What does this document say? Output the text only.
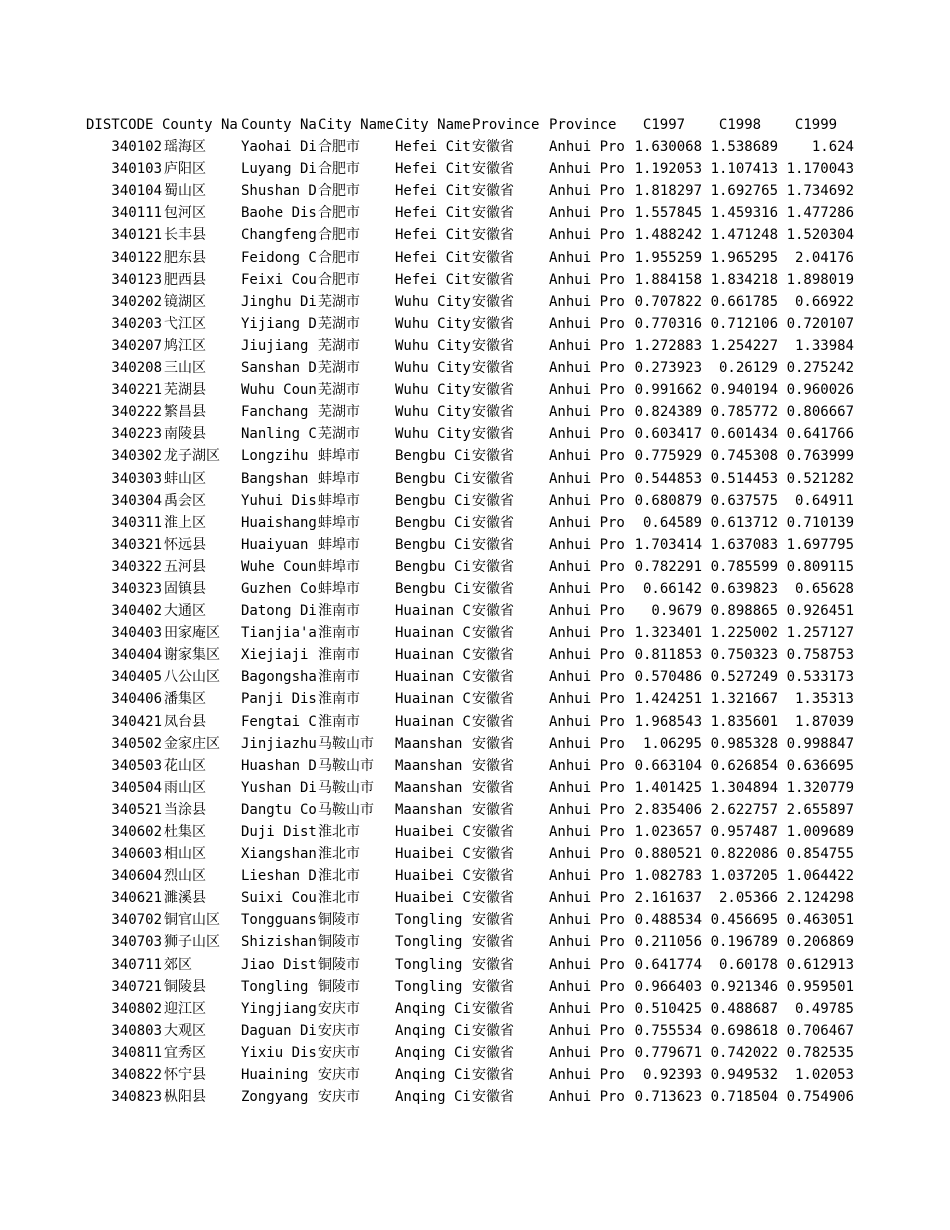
DISTCODE	County Na	County Na	City Name	City Name	Province	Province	C1997	C1998	C1999
340102	瑶海区	Yaohai Di	合肥市	Hefei Cit	安徽省	Anhui Pro	1.630068	1.538689	1.624
340103	庐阳区	Luyang Di	合肥市	Hefei Cit	安徽省	Anhui Pro	1.192053	1.107413	1.170043
340104	蜀山区	Shushan D	合肥市	Hefei Cit	安徽省	Anhui Pro	1.818297	1.692765	1.734692
340111	包河区	Baohe Dis	合肥市	Hefei Cit	安徽省	Anhui Pro	1.557845	1.459316	1.477286
340121	长丰县	Changfeng	合肥市	Hefei Cit	安徽省	Anhui Pro	1.488242	1.471248	1.520304
340122	肥东县	Feidong C	合肥市	Hefei Cit	安徽省	Anhui Pro	1.955259	1.965295	2.04176
340123	肥西县	Feixi Cou	合肥市	Hefei Cit	安徽省	Anhui Pro	1.884158	1.834218	1.898019
340202	镜湖区	Jinghu Di	芜湖市	Wuhu City	安徽省	Anhui Pro	0.707822	0.661785	0.66922
340203	弋江区	Yijiang D	芜湖市	Wuhu City	安徽省	Anhui Pro	0.770316	0.712106	0.720107
340207	鸠江区	Jiujiang	芜湖市	Wuhu City	安徽省	Anhui Pro	1.272883	1.254227	1.33984
340208	三山区	Sanshan D	芜湖市	Wuhu City	安徽省	Anhui Pro	0.273923	0.26129	0.275242
340221	芜湖县	Wuhu Coun	芜湖市	Wuhu City	安徽省	Anhui Pro	0.991662	0.940194	0.960026
340222	繁昌县	Fanchang	芜湖市	Wuhu City	安徽省	Anhui Pro	0.824389	0.785772	0.806667
340223	南陵县	Nanling C	芜湖市	Wuhu City	安徽省	Anhui Pro	0.603417	0.601434	0.641766
340302	龙子湖区	Longzihu	蚌埠市	Bengbu Ci	安徽省	Anhui Pro	0.775929	0.745308	0.763999
340303	蚌山区	Bangshan	蚌埠市	Bengbu Ci	安徽省	Anhui Pro	0.544853	0.514453	0.521282
340304	禹会区	Yuhui Dis	蚌埠市	Bengbu Ci	安徽省	Anhui Pro	0.680879	0.637575	0.64911
340311	淮上区	Huaishang	蚌埠市	Bengbu Ci	安徽省	Anhui Pro	0.64589	0.613712	0.710139
340321	怀远县	Huaiyuan	蚌埠市	Bengbu Ci	安徽省	Anhui Pro	1.703414	1.637083	1.697795
340322	五河县	Wuhe Coun	蚌埠市	Bengbu Ci	安徽省	Anhui Pro	0.782291	0.785599	0.809115
340323	固镇县	Guzhen Co	蚌埠市	Bengbu Ci	安徽省	Anhui Pro	0.66142	0.639823	0.65628
340402	大通区	Datong Di	淮南市	Huainan C	安徽省	Anhui Pro	0.9679	0.898865	0.926451
340403	田家庵区	Tianjia'a	淮南市	Huainan C	安徽省	Anhui Pro	1.323401	1.225002	1.257127
340404	谢家集区	Xiejiaji	淮南市	Huainan C	安徽省	Anhui Pro	0.811853	0.750323	0.758753
340405	八公山区	Bagongsha	淮南市	Huainan C	安徽省	Anhui Pro	0.570486	0.527249	0.533173
340406	潘集区	Panji Dis	淮南市	Huainan C	安徽省	Anhui Pro	1.424251	1.321667	1.35313
340421	凤台县	Fengtai C	淮南市	Huainan C	安徽省	Anhui Pro	1.968543	1.835601	1.87039
340502	金家庄区	Jinjiazhu	马鞍山市	Maanshan	安徽省	Anhui Pro	1.06295	0.985328	0.998847
340503	花山区	Huashan D	马鞍山市	Maanshan	安徽省	Anhui Pro	0.663104	0.626854	0.636695
340504	雨山区	Yushan Di	马鞍山市	Maanshan	安徽省	Anhui Pro	1.401425	1.304894	1.320779
340521	当涂县	Dangtu Co	马鞍山市	Maanshan	安徽省	Anhui Pro	2.835406	2.622757	2.655897
340602	杜集区	Duji Dist	淮北市	Huaibei C	安徽省	Anhui Pro	1.023657	0.957487	1.009689
340603	相山区	Xiangshan	淮北市	Huaibei C	安徽省	Anhui Pro	0.880521	0.822086	0.854755
340604	烈山区	Lieshan D	淮北市	Huaibei C	安徽省	Anhui Pro	1.082783	1.037205	1.064422
340621	濉溪县	Suixi Cou	淮北市	Huaibei C	安徽省	Anhui Pro	2.161637	2.05366	2.124298
340702	铜官山区	Tongguans	铜陵市	Tongling	安徽省	Anhui Pro	0.488534	0.456695	0.463051
340703	狮子山区	Shizishan	铜陵市	Tongling	安徽省	Anhui Pro	0.211056	0.196789	0.206869
340711	郊区	Jiao Dist	铜陵市	Tongling	安徽省	Anhui Pro	0.641774	0.60178	0.612913
340721	铜陵县	Tongling	铜陵市	Tongling	安徽省	Anhui Pro	0.966403	0.921346	0.959501
340802	迎江区	Yingjiang	安庆市	Anqing Ci	安徽省	Anhui Pro	0.510425	0.488687	0.49785
340803	大观区	Daguan Di	安庆市	Anqing Ci	安徽省	Anhui Pro	0.755534	0.698618	0.706467
340811	宜秀区	Yixiu Dis	安庆市	Anqing Ci	安徽省	Anhui Pro	0.779671	0.742022	0.782535
340822	怀宁县	Huaining	安庆市	Anqing Ci	安徽省	Anhui Pro	0.92393	0.949532	1.02053
340823	枞阳县	Zongyang	安庆市	Anqing Ci	安徽省	Anhui Pro	0.713623	0.718504	0.754906
